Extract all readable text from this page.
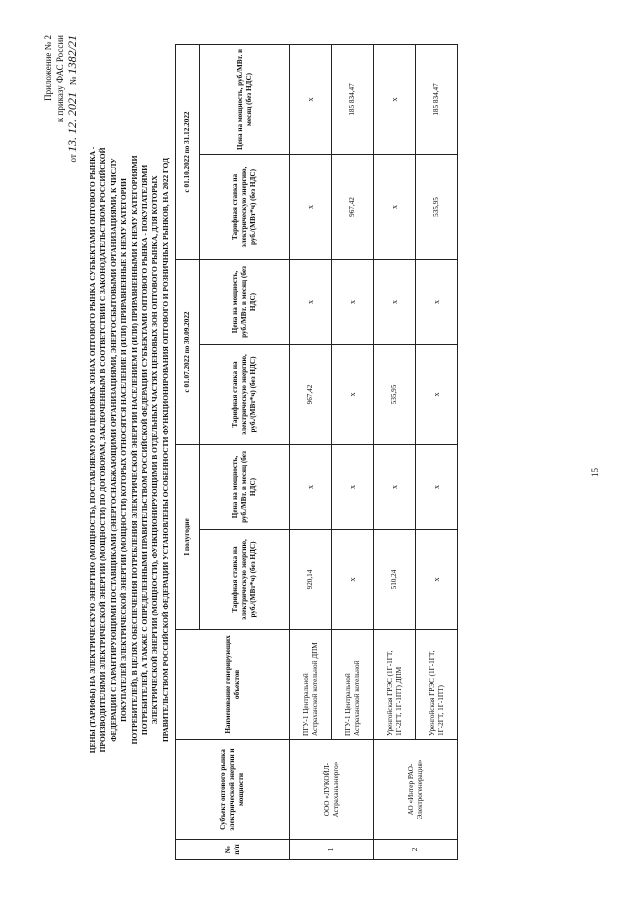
15
Приложение № 2 к приказу ФАС России
от 13. 12. 2021   № 1382/21
ЦЕНЫ (ТАРИФЫ) НА ЭЛЕКТРИЧЕСКУЮ ЭНЕРГИЮ (МОЩНОСТЬ), ПОСТАВЛЯЕМУЮ В ЦЕНОВЫХ ЗОНАХ ОПТОВОГО РЫНКА СУБЪЕКТАМИ ОПТОВОГО РЫНКА - ПРОИЗВОДИТЕЛЯМИ ЭЛЕКТРИЧЕСКОЙ ЭНЕРГИИ (МОЩНОСТИ) ПО ДОГОВОРАМ, ЗАКЛЮЧЕННЫМ В СООТВЕТСТВИИ С ЗАКОНОДАТЕЛЬСТВОМ РОССИЙСКОЙ ФЕДЕРАЦИИ С ГАРАНТИРУЮЩИМИ ПОСТАВЩИКАМИ (ЭНЕРГОСНАБЖАЮЩИМИ ОРГАНИЗАЦИЯМИ, ЭНЕРГОСБЫТОВЫМИ ОРГАНИЗАЦИЯМИ, К ЧИСЛУ ПОКУПАТЕЛЕЙ ЭЛЕКТРИЧЕСКОЙ ЭНЕРГИИ (МОЩНОСТИ) КОТОРЫХ ОТНОСЯТСЯ НАСЕЛЕНИЕ И (ИЛИ) ПРИРАВНЕННЫЕ К НЕМУ КАТЕГОРИИ ПОТРЕБИТЕЛЕЙ), В ЦЕЛЯХ ОБЕСПЕЧЕНИЯ ПОТРЕБЛЕНИЯ ЭЛЕКТРИЧЕСКОЙ ЭНЕРГИИ НАСЕЛЕНИЕМ И (ИЛИ) ПРИРАВНЕННЫМИ К НЕМУ КАТЕГОРИЯМИ ПОТРЕБИТЕЛЕЙ, А ТАКЖЕ С ОПРЕДЕЛЕННЫМИ ПРАВИТЕЛЬСТВОМ РОССИЙСКОЙ ФЕДЕРАЦИИ СУБЪЕКТАМИ ОПТОВОГО РЫНКА - ПОКУПАТЕЛЯМИ ЭЛЕКТРИЧЕСКОЙ ЭНЕРГИИ (МОЩНОСТИ), ФУНКЦИОНИРУЮЩИМИ В ОТДЕЛЬНЫХ ЧАСТЯХ ЦЕНОВЫХ ЗОН ОПТОВОГО РЫНКА, ДЛЯ КОТОРЫХ ПРАВИТЕЛЬСТВОМ РОССИЙСКОЙ ФЕДЕРАЦИИ УСТАНОВЛЕНЫ ОСОБЕННОСТИ ФУНКЦИОНИРОВАНИЯ ОПТОВОГО И РОЗНИЧНЫХ РЫНКОВ, НА 2022 ГОД
№ п/п	Субъект оптового рынка электрической энергии и мощности	Наименование генерирующих объектов	I полугодие		с 01.07.2022 по 30.09.2022		с 01.10.2022 по 31.12.2022	
			Тарифная ставка на электрическую энергию, руб./(МВт*ч) (без НДС)	Цена на мощность, руб./МВт. в месяц (без НДС)	Тарифная ставка на электрическую энергию, руб./(МВт*ч) (без НДС)	Цена на мощность, руб./МВт. в месяц (без НДС)	Тарифная ставка на электрическую энергию, руб./(МВт*ч) (без НДС)	Цена на мощность, руб./МВт. в месяц (без НДС)
1	ООО «ЛУКОЙЛ-Астраханьэнерго»	ПГУ-1 Центральной Астраханской котельной ДПМ	920,14	х	967,42	х	х	х
		ПГУ-1 Центральной Астраханской котельной	х	х	х	х	967,42	185 834,47
2	АО «Интер РАО-Электрогенерация»	Уренгойская ГРЭС (1Г-1ГТ, 1Г-2ГТ, 1Г-1ПТ) ДПМ	510,24	х	535,95	х	х	х
		Уренгойская ГРЭС (1Г-1ГТ, 1Г-2ГТ, 1Г-1ПТ)	х	х	х	х	535,95	185 834,47
